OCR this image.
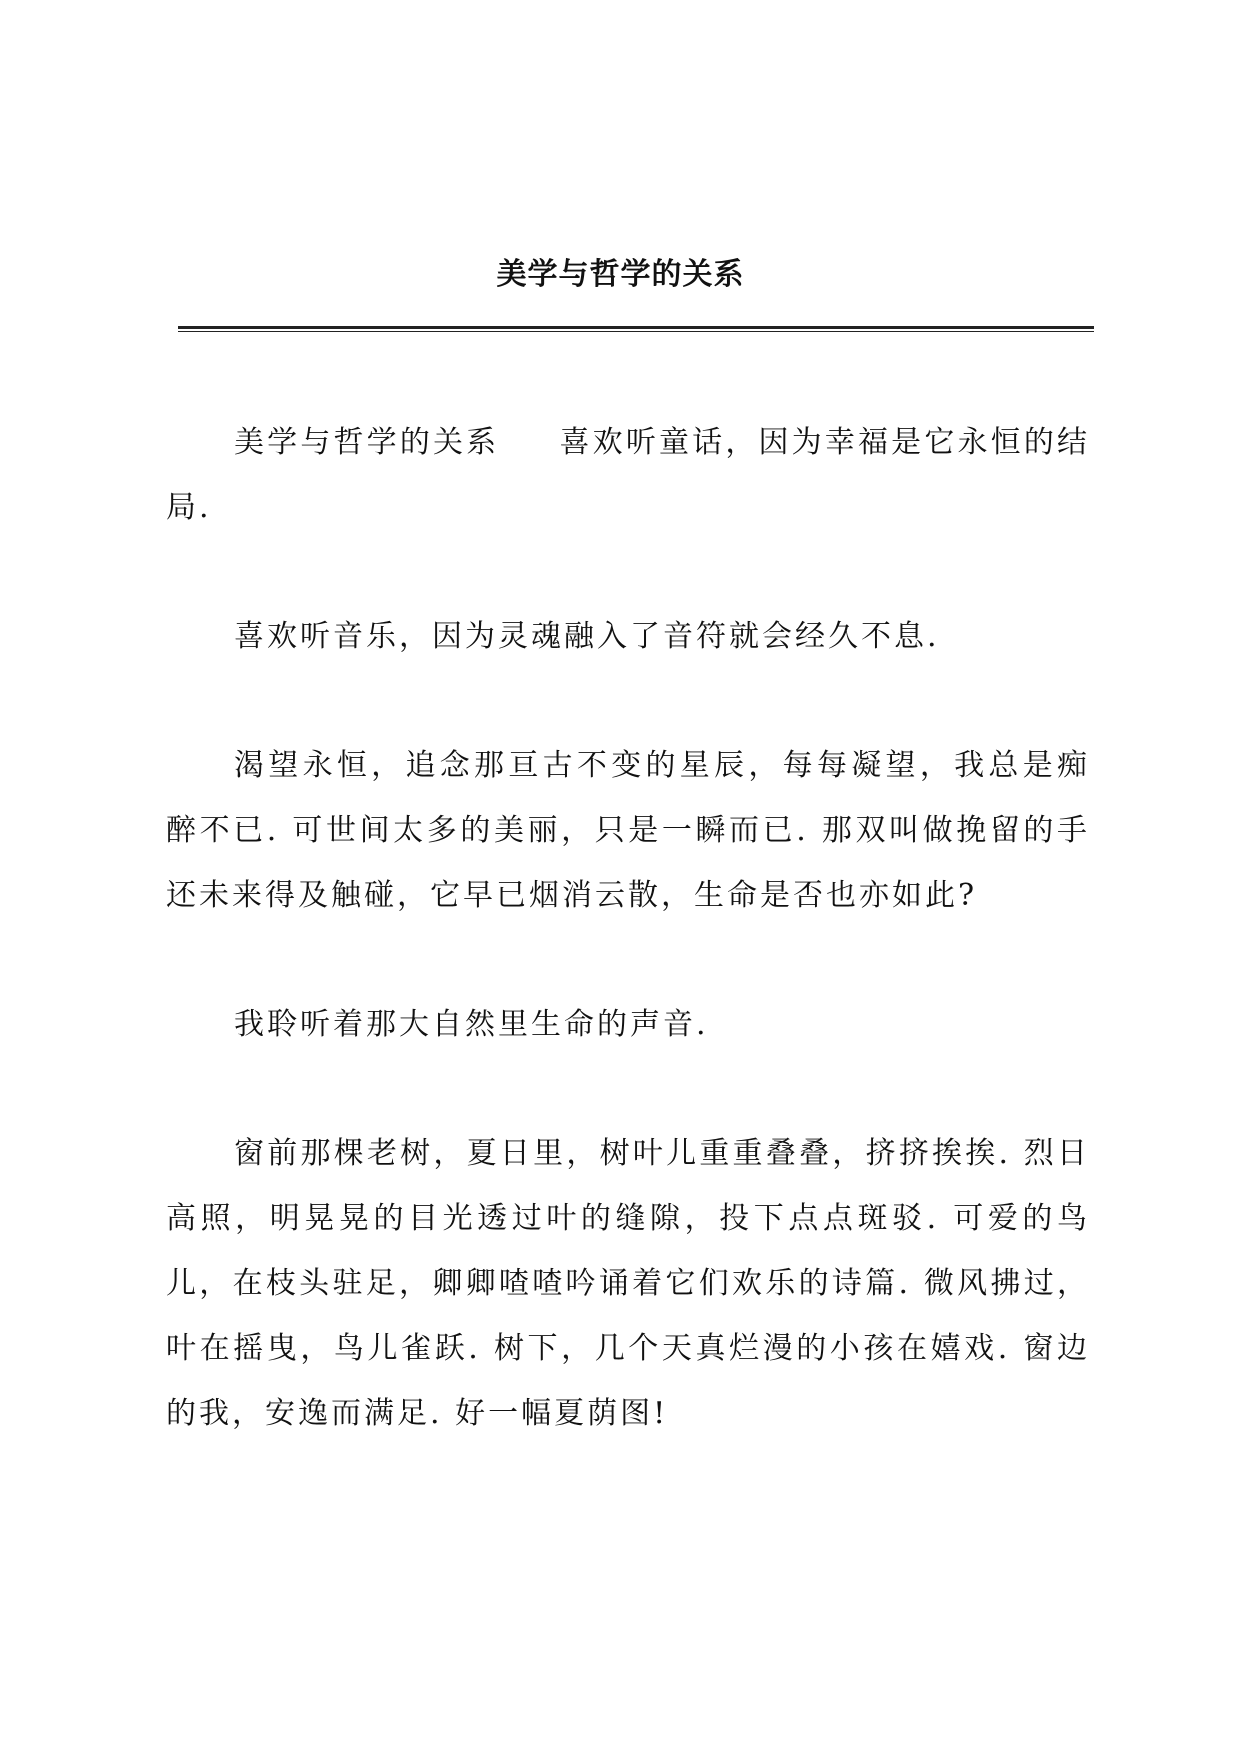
美学与哲学的关系

美学与哲学的关系 喜欢听童话，因为幸福是它永恒的结局.

喜欢听音乐，因为灵魂融入了音符就会经久不息.

渴望永恒，追念那亘古不变的星辰，每每凝望，我总是痴醉不已. 可世间太多的美丽，只是一瞬而已. 那双叫做挽留的手还未来得及触碰，它早已烟消云散，生命是否也亦如此?

我聆听着那大自然里生命的声音.

窗前那棵老树，夏日里，树叶儿重重叠叠，挤挤挨挨. 烈日高照，明晃晃的目光透过叶的缝隙，投下点点斑驳. 可爱的鸟儿，在枝头驻足，卿卿喳喳吟诵着它们欢乐的诗篇. 微风拂过，叶在摇曳，鸟儿雀跃. 树下，几个天真烂漫的小孩在嬉戏. 窗边的我，安逸而满足. 好一幅夏荫图!
